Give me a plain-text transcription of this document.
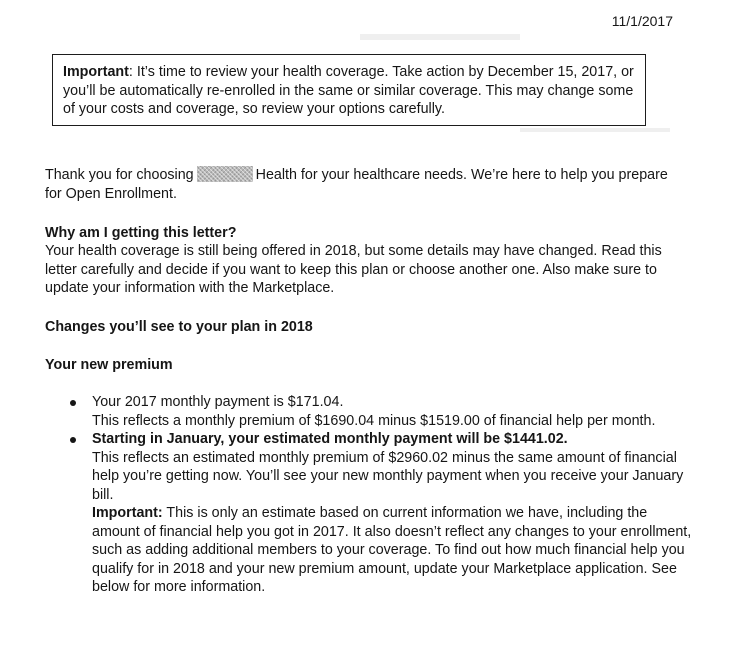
11/1/2017
Important: It’s time to review your health coverage. Take action by December 15, 2017, or you’ll be automatically re-enrolled in the same or similar coverage. This may change some of your costs and coverage, so review your options carefully.
Thank you for choosing	Health for your healthcare needs. We’re here to help you prepare for Open Enrollment.
Why am I getting this letter?
Your health coverage is still being offered in 2018, but some details may have changed. Read this letter carefully and decide if you want to keep this plan or choose another one. Also make sure to update your information with the Marketplace.
Changes you’ll see to your plan in 2018
Your new premium

Your 2017 monthly payment is $171.04.

This reflects a monthly premium of $1690.04 minus $1519.00 of financial help per month.

Starting in January, your estimated monthly payment will be $1441.02.

This reflects an estimated monthly premium of $2960.02 minus the same amount of financial help you’re getting now. You’ll see your new monthly payment when you receive your January bill.

Important: This is only an estimate based on current information we have, including the amount of financial help you got in 2017. It also doesn’t reflect any changes to your enrollment, such as adding additional members to your coverage. To find out how much financial help you qualify for in 2018 and your new premium amount, update your Marketplace application. See below for more information.
